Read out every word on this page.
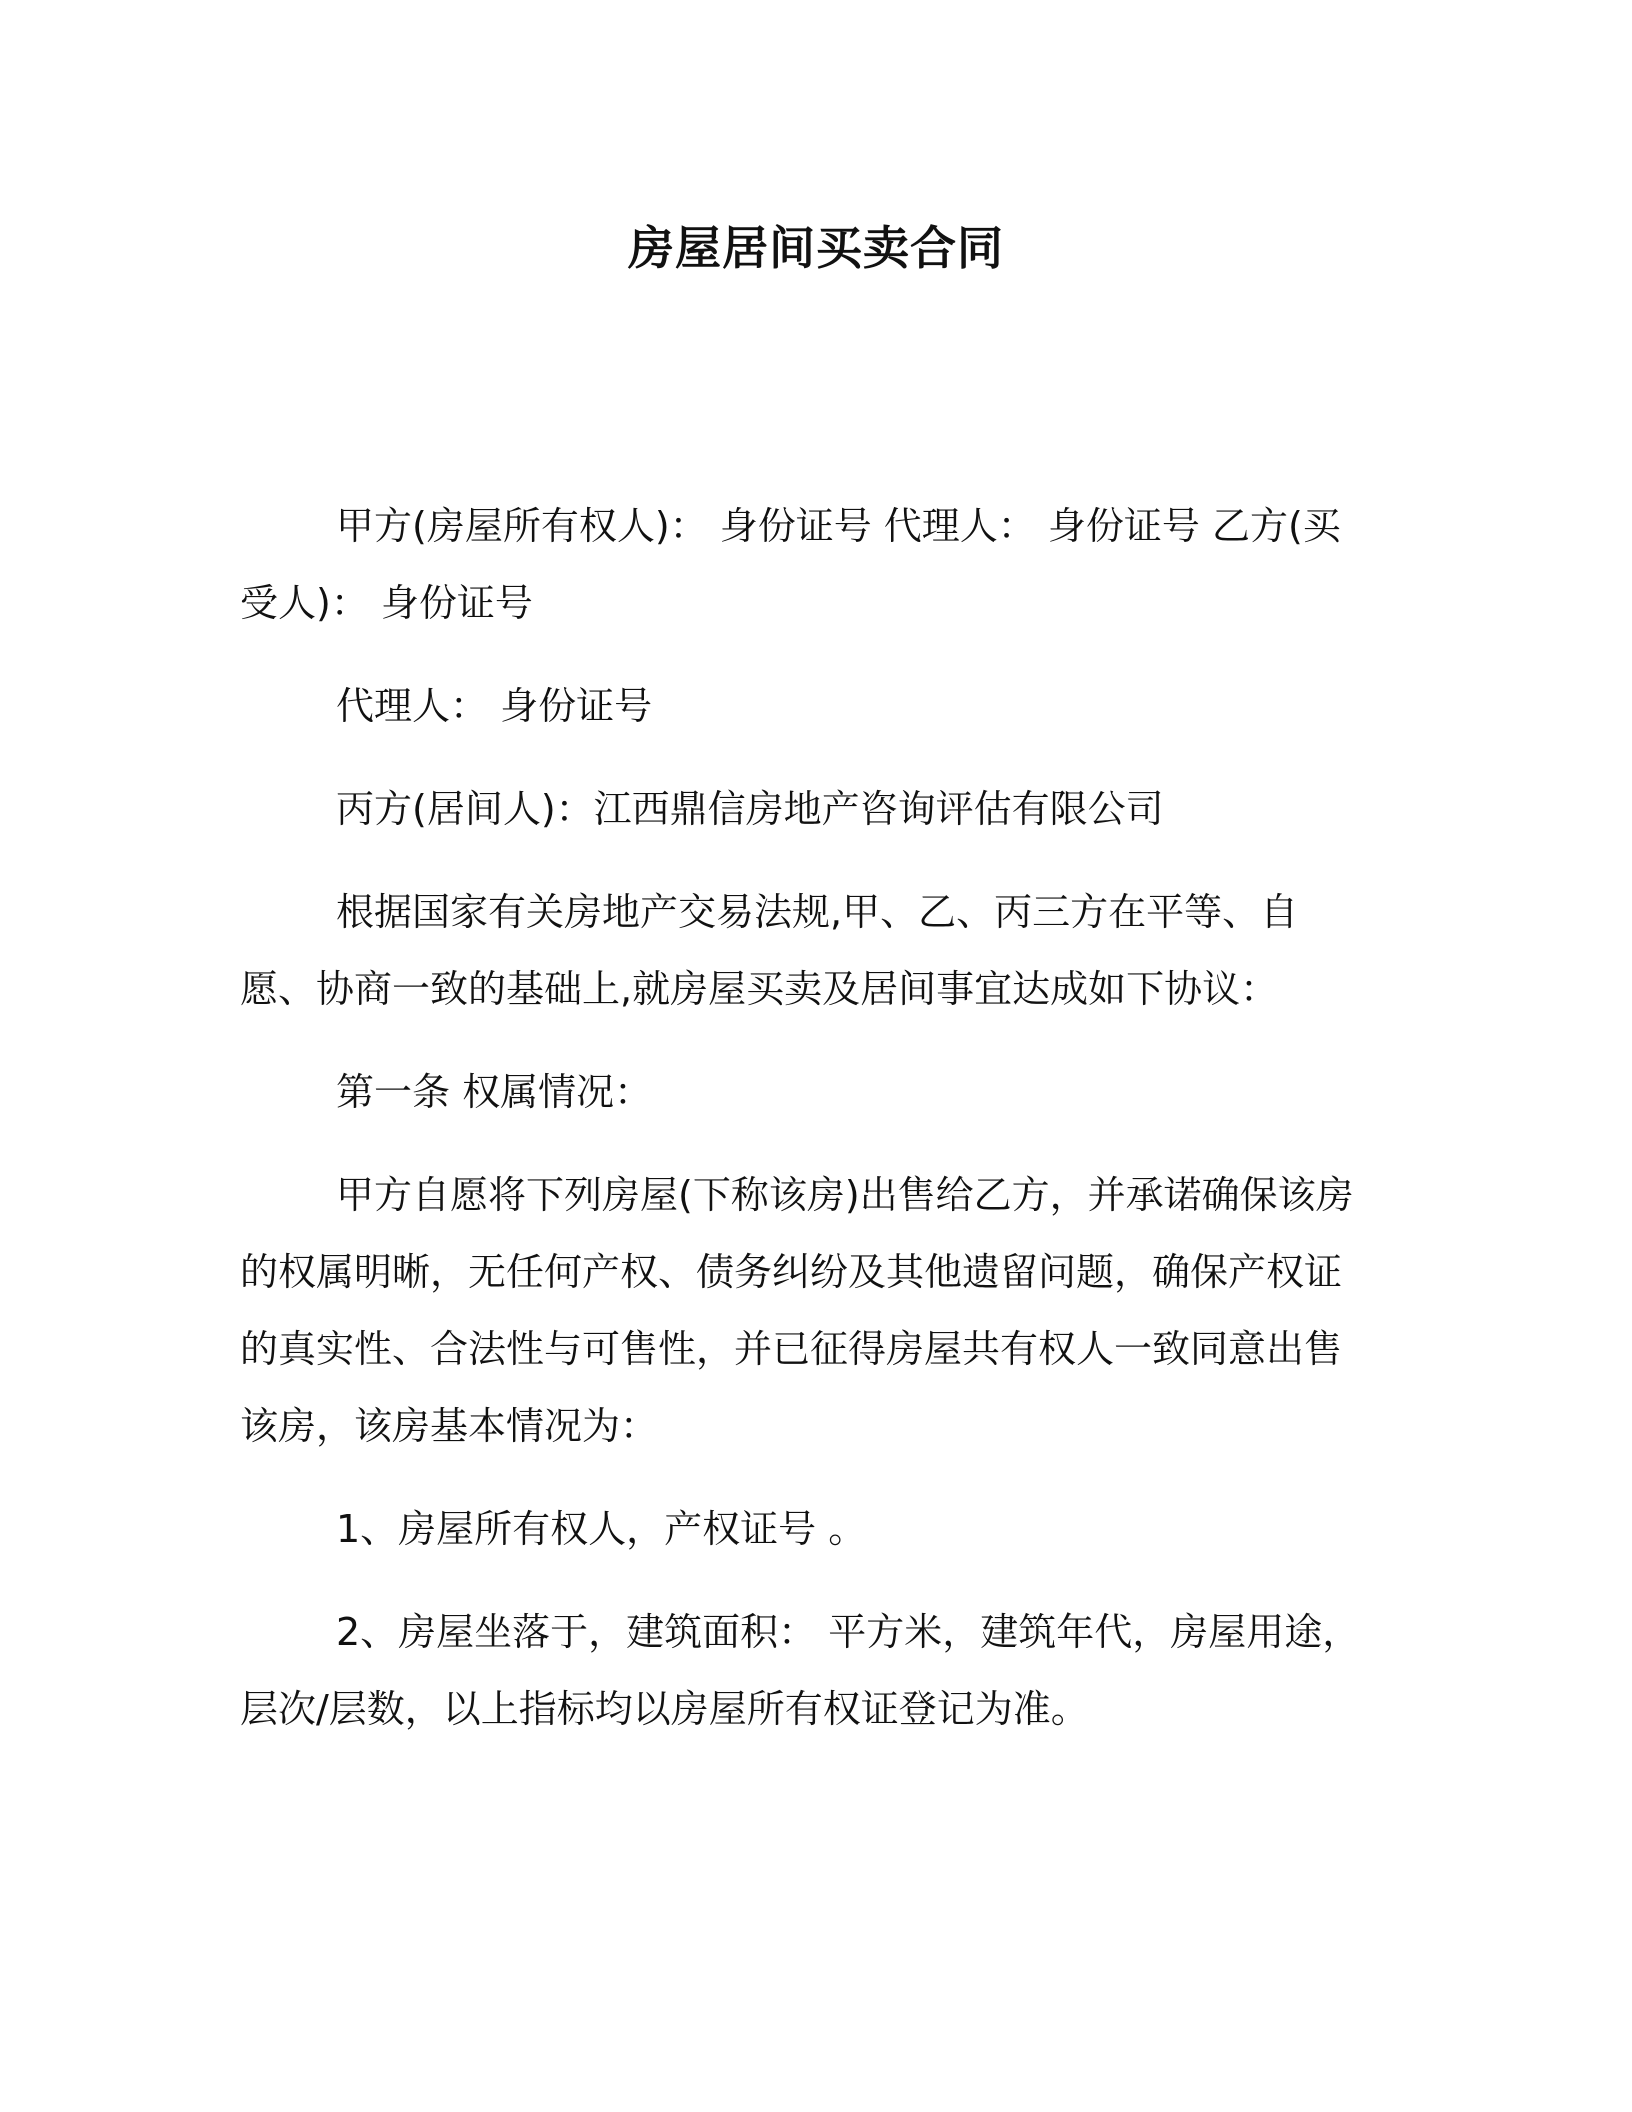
房屋居间买卖合同

甲方(房屋所有权人)： 身份证号 代理人： 身份证号 乙方(买受人)： 身份证号

代理人： 身份证号

丙方(居间人)：江西鼎信房地产咨询评估有限公司

根据国家有关房地产交易法规,甲、乙、丙三方在平等、自愿、协商一致的基础上,就房屋买卖及居间事宜达成如下协议：

第一条 权属情况：

甲方自愿将下列房屋(下称该房)出售给乙方，并承诺确保该房的权属明晰，无任何产权、债务纠纷及其他遗留问题，确保产权证的真实性、合法性与可售性，并已征得房屋共有权人一致同意出售该房，该房基本情况为：

1、房屋所有权人，产权证号 。

2、房屋坐落于，建筑面积： 平方米，建筑年代，房屋用途，层次/层数，以上指标均以房屋所有权证登记为准。
